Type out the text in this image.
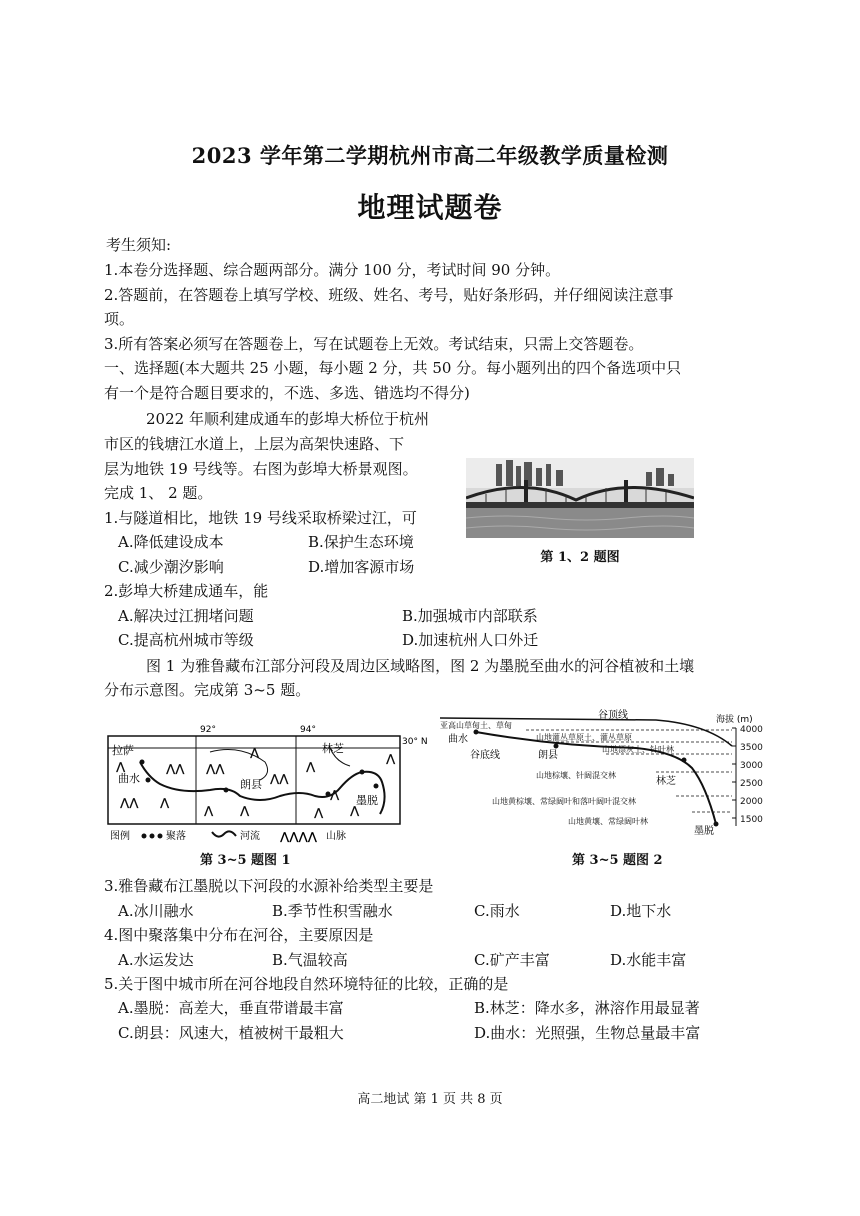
2023 学年第二学期杭州市高二年级教学质量检测
地理试题卷
考生须知:
1.本卷分选择题、综合题两部分。满分 100 分，考试时间 90 分钟。
2.答题前，在答题卷上填写学校、班级、姓名、考号，贴好条形码，并仔细阅读注意事
项。
3.所有答案必须写在答题卷上，写在试题卷上无效。考试结束，只需上交答题卷。
一、选择题(本大题共 25 小题，每小题 2 分，共 50 分。每小题列出的四个备选项中只
有一个是符合题目要求的，不选、多选、错选均不得分)
2022 年顺利建成通车的彭埠大桥位于杭州
市区的钱塘江水道上，上层为高架快速路、下
层为地铁 19 号线等。右图为彭埠大桥景观图。
完成 1、 2 题。
第 1、2 题图
1.与隧道相比，地铁 19 号线采取桥梁过江，可
A.降低建设成本	B.保护生态环境
C.减少潮汐影响	D.增加客源市场
2.彭埠大桥建成通车，能
A.解决过江拥堵问题	B.加强城市内部联系
C.提高杭州城市等级	D.加速杭州人口外迁
图 1 为雅鲁藏布江部分河段及周边区域略图，图 2 为墨脱至曲水的河谷植被和土壤
分布示意图。完成第 3~5 题。
92°	94°
30° N
⋀
⋀⋀ ⋀
⋀⋀ ⋀⋀
⋀
⋀ ⋀
⋀⋀
⋀
⋀ ⋀
⋀
⋀
拉萨
曲水	朗县
林芝
墨脱
图例	聚落	河流 ⋀⋀⋀⋀ 山脉
第 3~5 题图 1
海拔 (m)
4000
3500
3000
2500
2000
1500
谷顶线
亚高山草甸土、草甸
山地灌丛草原土、灌丛草原
山地漂灰土、针叶林
山地棕壤、针阔混交林
山地黄棕壤、常绿阔叶和落叶阔叶混交林
山地黄壤、常绿阔叶林
谷底线
曲水
朗县
林芝
墨脱
第 3~5 题图 2
3.雅鲁藏布江墨脱以下河段的水源补给类型主要是
A.冰川融水	B.季节性积雪融水	C.雨水	D.地下水
4.图中聚落集中分布在河谷，主要原因是
A.水运发达	B.气温较高	C.矿产丰富	D.水能丰富
5.关于图中城市所在河谷地段自然环境特征的比较，正确的是
A.墨脱：高差大，垂直带谱最丰富	B.林芝：降水多，淋溶作用最显著
C.朗县：风速大，植被树干最粗大	D.曲水：光照强，生物总量最丰富
高二地试 第 1 页 共 8 页
